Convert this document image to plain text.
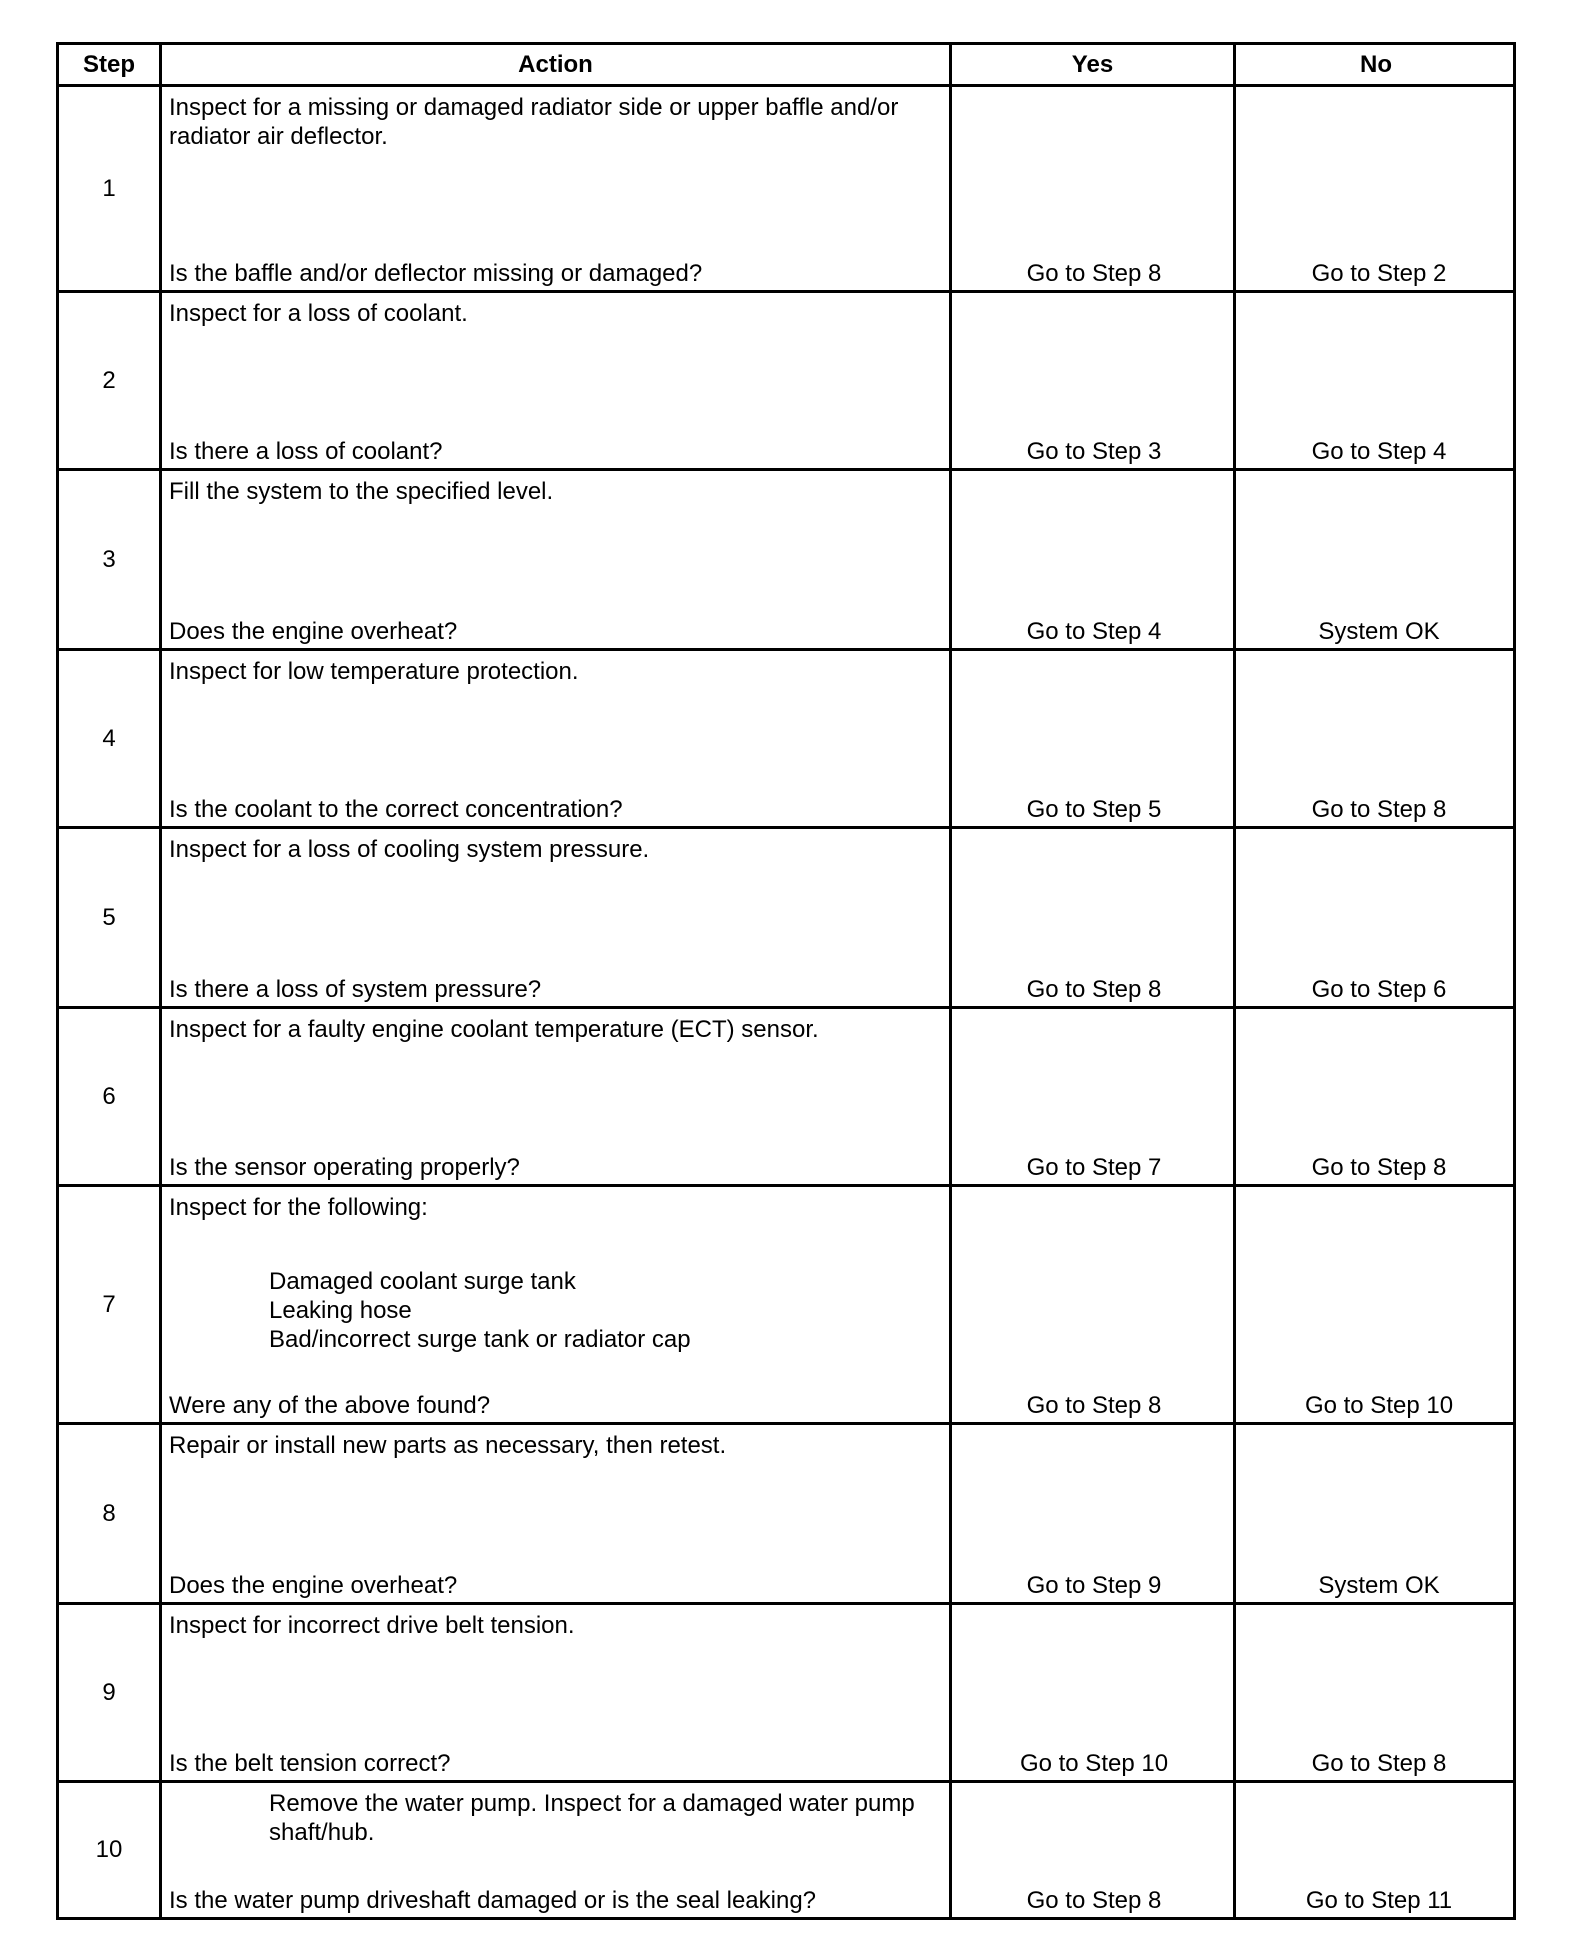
Step	Action	Yes	No
1
Inspect for a missing or damaged radiator side or upper baffle and/or radiator air deflector.
Is the baffle and/or deflector missing or damaged?	Go to Step 8	Go to Step 2
2
Inspect for a loss of coolant.
Is there a loss of coolant?	Go to Step 3	Go to Step 4
3
Fill the system to the specified level.
Does the engine overheat?	Go to Step 4	System OK
4
Inspect for low temperature protection.
Is the coolant to the correct concentration?	Go to Step 5	Go to Step 8
5
Inspect for a loss of cooling system pressure.
Is there a loss of system pressure?	Go to Step 8	Go to Step 6
6
Inspect for a faulty engine coolant temperature (ECT) sensor.
Is the sensor operating properly?	Go to Step 7	Go to Step 8
7
Inspect for the following:
Damaged coolant surge tank
Leaking hose
Bad/incorrect surge tank or radiator cap
Were any of the above found?	Go to Step 8	Go to Step 10
8
Repair or install new parts as necessary, then retest.
Does the engine overheat?	Go to Step 9	System OK
9
Inspect for incorrect drive belt tension.
Is the belt tension correct?	Go to Step 10	Go to Step 8
10
Remove the water pump. Inspect for a damaged water pump shaft/hub.
Is the water pump driveshaft damaged or is the seal leaking?	Go to Step 8	Go to Step 11
